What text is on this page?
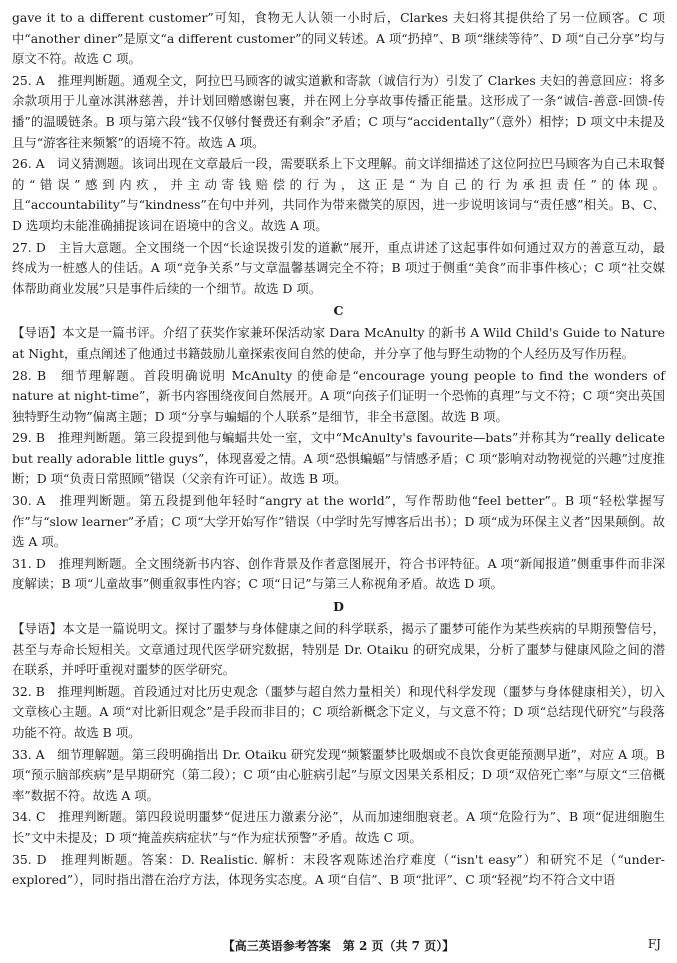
gave it to a different customer”可知，食物无人认领一小时后，Clarkes 夫妇将其提供给了另一位顾客。C 项中“another diner”是原文“a different customer”的同义转述。A 项“扔掉”、B 项“继续等待”、D 项“自己分享”均与原文不符。故选 C 项。

25. A　推理判断题。通观全文，阿拉巴马顾客的诚实道歉和寄款（诚信行为）引发了 Clarkes 夫妇的善意回应：将多余款项用于儿童冰淇淋慈善，并计划回赠感谢包裹，并在网上分享故事传播正能量。这形成了一条“诚信-善意-回馈-传播”的温暖链条。B 项与第六段“钱不仅够付餐费还有剩余”矛盾；C 项与“accidentally”（意外）相悖；D 项文中未提及且与“游客往来频繁”的语境不符。故选 A 项。

26. A　词义猜测题。该词出现在文章最后一段，需要联系上下文理解。前文详细描述了这位阿拉巴马顾客为自己未取餐的“错误”感到内疚，并主动寄钱赔偿的行为，这正是“为自己的行为承担责任”的体现。且“accountability”与“kindness”在句中并列，共同作为带来微笑的原因，进一步说明该词与“责任感”相关。B、C、D 选项均未能准确捕捉该词在语境中的含义。故选 A 项。

27. D　主旨大意题。全文围绕一个因“长途误拨引发的道歉”展开，重点讲述了这起事件如何通过双方的善意互动，最终成为一桩感人的佳话。A 项“竞争关系”与文章温馨基调完全不符；B 项过于侧重“美食”而非事件核心；C 项“社交媒体帮助商业发展”只是事件后续的一个细节。故选 D 项。

C

【导语】本文是一篇书评。介绍了获奖作家兼环保活动家 Dara McAnulty 的新书 A Wild Child's Guide to Nature at Night，重点阐述了他通过书籍鼓励儿童探索夜间自然的使命，并分享了他与野生动物的个人经历及写作历程。

28. B　细节理解题。首段明确说明 McAnulty 的使命是“encourage young people to find the wonders of nature at night-time”，新书内容围绕夜间自然展开。A 项“向孩子们证明一个恐怖的真理”与文不符；C 项“突出英国独特野生动物”偏离主题；D 项“分享与蝙蝠的个人联系”是细节，非全书意图。故选 B 项。

29. B　推理判断题。第三段提到他与蝙蝠共处一室，文中“McAnulty's favourite—bats”并称其为“really delicate but really adorable little guys”，体现喜爱之情。A 项“恐惧蝙蝠”与情感矛盾；C 项“影响对动物视觉的兴趣”过度推断；D 项“负责日常照顾”错误（父亲有许可证）。故选 B 项。

30. A　推理判断题。第五段提到他年轻时“angry at the world”，写作帮助他“feel better”。B 项“轻松掌握写作”与“slow learner”矛盾；C 项“大学开始写作”错误（中学时先写博客后出书）；D 项“成为环保主义者”因果颠倒。故选 A 项。

31. D　推理判断题。全文围绕新书内容、创作背景及作者意图展开，符合书评特征。A 项“新闻报道”侧重事件而非深度解读；B 项“儿童故事”侧重叙事性内容；C 项“日记”与第三人称视角矛盾。故选 D 项。

D

【导语】本文是一篇说明文。探讨了噩梦与身体健康之间的科学联系，揭示了噩梦可能作为某些疾病的早期预警信号，甚至与寿命长短相关。文章通过现代医学研究数据，特别是 Dr. Otaiku 的研究成果，分析了噩梦与健康风险之间的潜在联系，并呼吁重视对噩梦的医学研究。

32. B　推理判断题。首段通过对比历史观念（噩梦与超自然力量相关）和现代科学发现（噩梦与身体健康相关），切入文章核心主题。A 项“对比新旧观念”是手段而非目的；C 项给新概念下定义，与文意不符；D 项“总结现代研究”与段落功能不符。故选 B 项。

33. A　细节理解题。第三段明确指出 Dr. Otaiku 研究发现“频繁噩梦比吸烟或不良饮食更能预测早逝”，对应 A 项。B 项“预示脑部疾病”是早期研究（第二段）；C 项“由心脏病引起”与原文因果关系相反；D 项“双倍死亡率”与原文“三倍概率”数据不符。故选 A 项。

34. C　推理判断题。第四段说明噩梦“促进压力激素分泌”，从而加速细胞衰老。A 项“危险行为”、B 项“促进细胞生长”文中未提及；D 项“掩盖疾病症状”与“作为症状预警”矛盾。故选 C 项。

35. D　推理判断题。答案：D. Realistic. 解析：末段客观陈述治疗难度（“isn't easy”）和研究不足（“under-explored”），同时指出潜在治疗方法，体现务实态度。A 项“自信”、B 项“批评”、C 项“轻视”均不符合文中语

【高三英语参考答案　第 2 页（共 7 页）】	FJ
